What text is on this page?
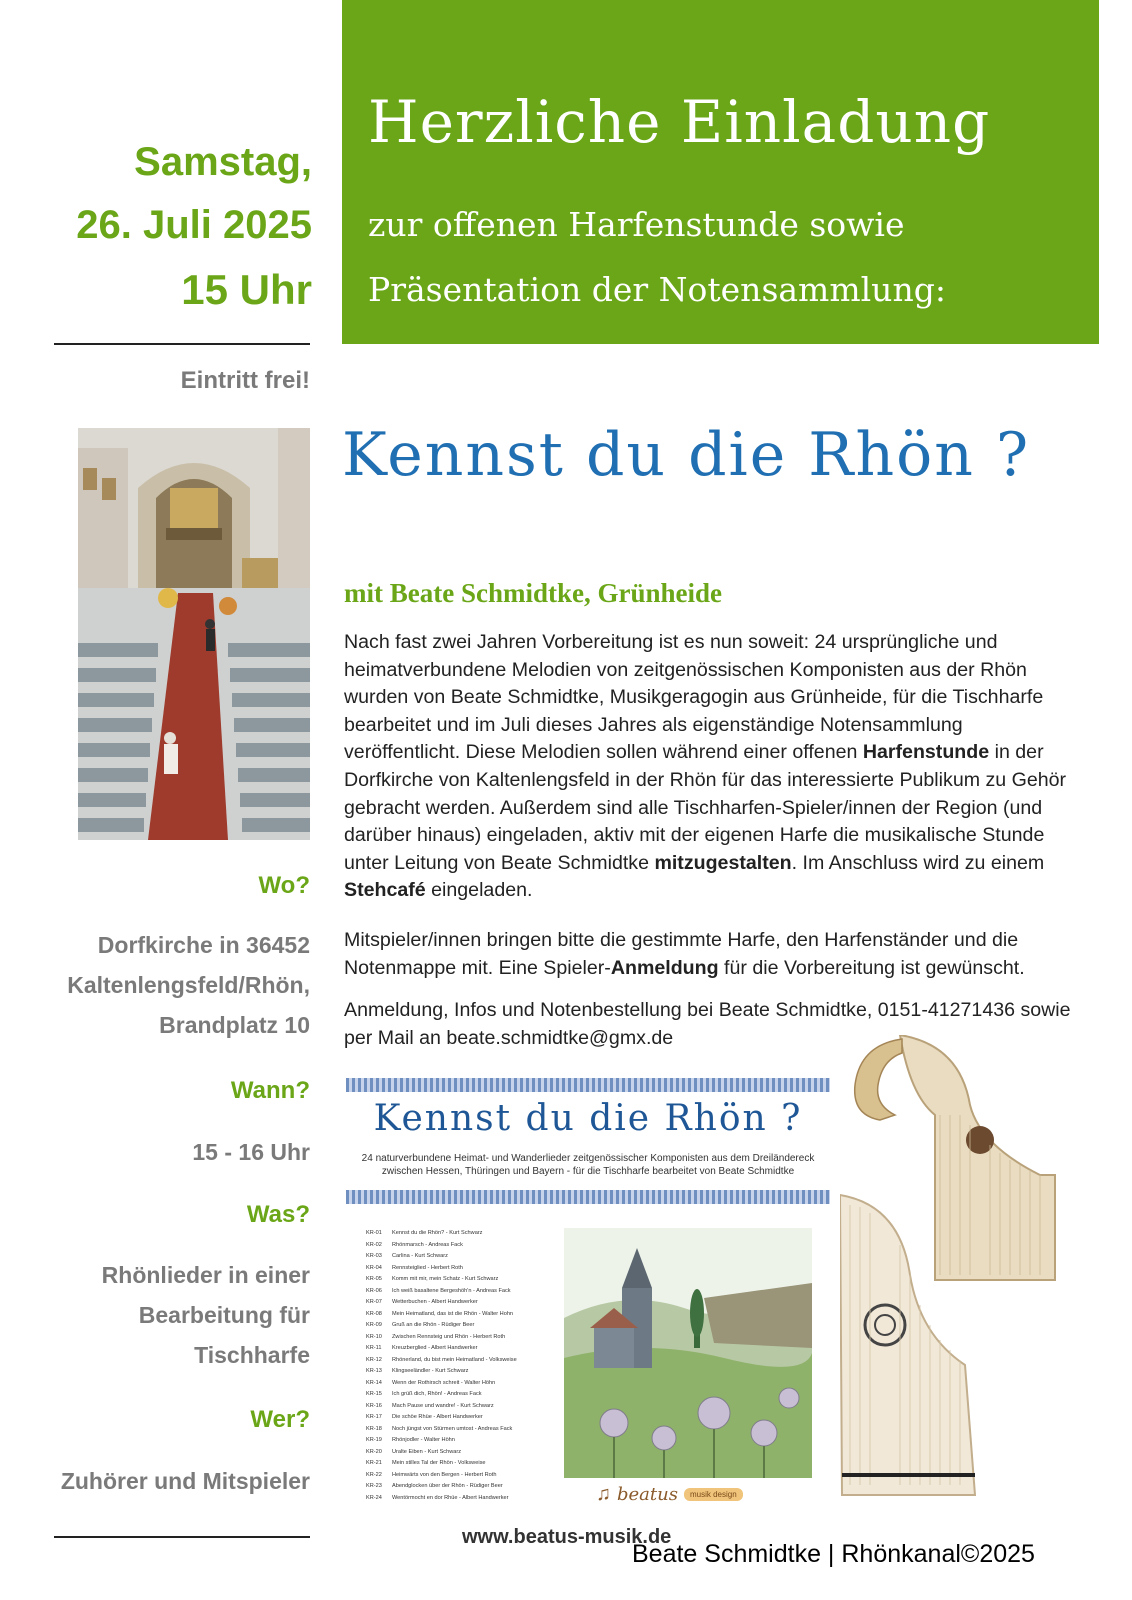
Samstag,
26. Juli 2025
15 Uhr
Eintritt frei!
Wo?
Dorfkirche in 36452
Kaltenlengsfeld/Rhön,
Brandplatz 10
Wann?
15 - 16 Uhr
Was?
Rhönlieder in einer
Bearbeitung für
Tischharfe
Wer?
Zuhörer und Mitspieler
Herzliche Einladung
zur offenen Harfenstunde sowie
Präsentation der Notensammlung:
Kennst du die Rhön ?
mit Beate Schmidtke, Grünheide
Nach fast zwei Jahren Vorbereitung ist es nun soweit: 24 ursprüngliche und heimatverbundene Melodien von zeitgenössischen Komponisten aus der Rhön wurden von Beate Schmidtke, Musikgeragogin aus Grünheide, für die Tischharfe bearbeitet und im Juli dieses Jahres als eigenständige Notensammlung veröffentlicht. Diese Melodien sollen während einer offenen Harfenstunde in der Dorfkirche von Kaltenlengsfeld in der Rhön für das interessierte Publikum zu Gehör gebracht werden. Außerdem sind alle Tischharfen-Spieler/innen der Region (und darüber hinaus) eingeladen, aktiv mit der eigenen Harfe die musikalische Stunde unter Leitung von Beate Schmidtke mitzugestalten. Im Anschluss wird zu einem Stehcafé eingeladen.
Mitspieler/innen bringen bitte die gestimmte Harfe, den Harfenständer und die Notenmappe mit. Eine Spieler-Anmeldung für die Vorbereitung ist gewünscht.
Anmeldung, Infos und Notenbestellung bei Beate Schmidtke, 0151-41271436 sowie per Mail an beate.schmidtke@gmx.de
Kennst du die Rhön ?
24 naturverbundene Heimat- und Wanderlieder zeitgenössischer Komponisten aus dem Dreiländereck
zwischen Hessen, Thüringen und Bayern - für die Tischharfe bearbeitet von Beate Schmidtke
KR-01 Kennst du die Rhön? - Kurt Schwarz
KR-02 Rhönmarsch - Andreas Fack
KR-03 Carlina - Kurt Schwarz
KR-04 Rennsteiglied - Herbert Roth
KR-05 Komm mit mir, mein Schatz - Kurt Schwarz
KR-06 Ich weiß basaltene Bergeshöh'n - Andreas Fack
KR-07 Wetterbuchen - Albert Handwerker
KR-08 Mein Heimatland, das ist die Rhön - Walter Hohn
KR-09 Gruß an die Rhön - Rüdiger Beer
KR-10 Zwischen Rennsteig und Rhön - Herbert Roth
KR-11 Kreuzberglied - Albert Handwerker
KR-12 Rhönerland, du bist mein Heimatland - Volksweise
KR-13 Klingseeländler - Kurt Schwarz
KR-14 Wenn der Rothirsch schreit - Walter Höhn
KR-15 Ich grüß dich, Rhön! - Andreas Fack
KR-16 Mach Pause und wandre! - Kurt Schwarz
KR-17 Die schöe Rhüe - Albert Handwerker
KR-18 Noch jüngst von Stürmen umtost - Andreas Fack
KR-19 Rhönjodler - Walter Höhn
KR-20 Uralte Eiben - Kurt Schwarz
KR-21 Mein stilles Tal der Rhön - Volksweise
KR-22 Heimwärts von den Bergen - Herbert Roth
KR-23 Abendglocken über der Rhön - Rüdiger Beer
KR-24 Wentörmocht en dor Rhüe - Albert Handwerker	♫ beatus	musik design
www.beatus-musik.de
Beate Schmidtke | Rhönkanal©2025
